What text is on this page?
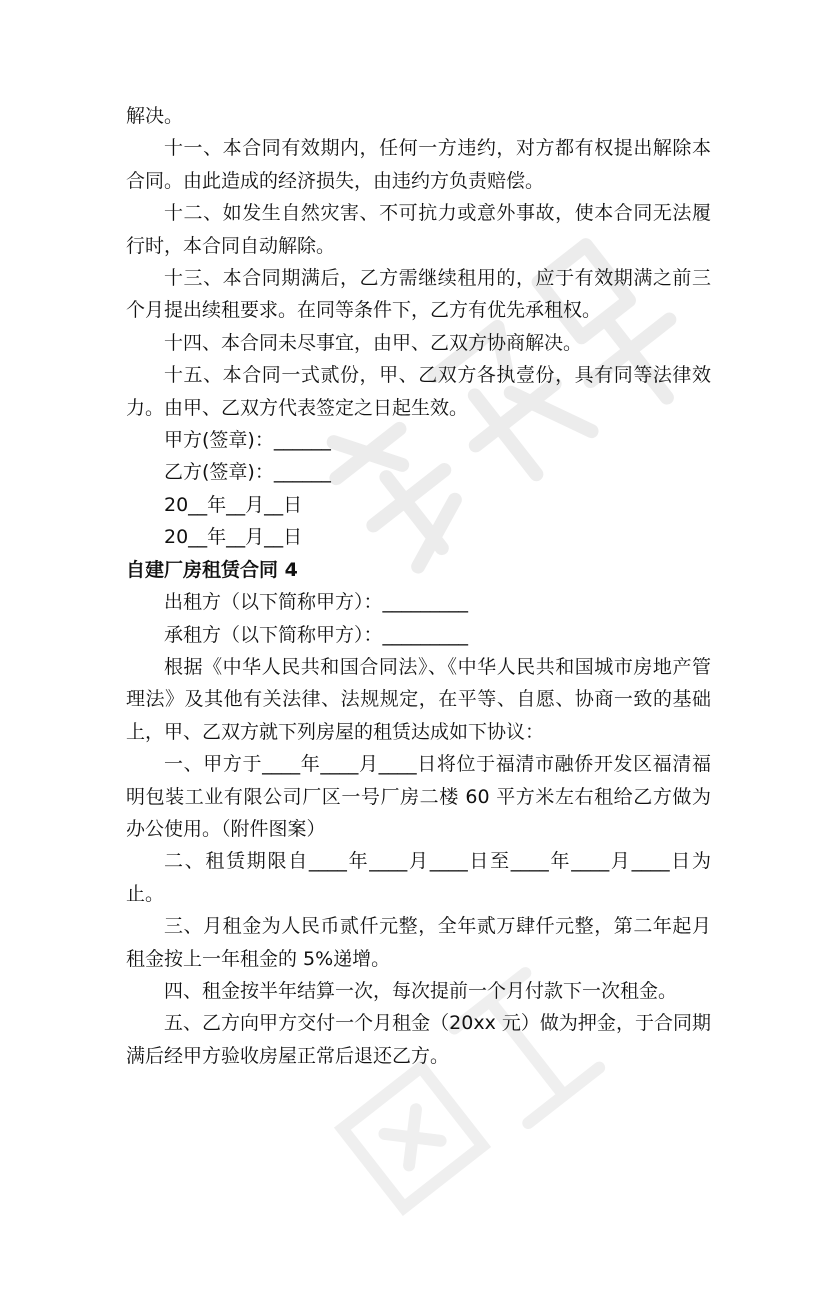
解决。

十一、本合同有效期内，任何一方违约，对方都有权提出解除本合同。由此造成的经济损失，由违约方负责赔偿。

十二、如发生自然灾害、不可抗力或意外事故，使本合同无法履行时，本合同自动解除。

十三、本合同期满后，乙方需继续租用的，应于有效期满之前三个月提出续租要求。在同等条件下，乙方有优先承租权。

十四、本合同未尽事宜，由甲、乙双方协商解决。

十五、本合同一式贰份，甲、乙双方各执壹份，具有同等法律效力。由甲、乙双方代表签定之日起生效。

甲方(签章)：______

乙方(签章)：______

20__年__月__日

20__年__月__日

自建厂房租赁合同 4

出租方（以下简称甲方）：_________

承租方（以下简称甲方）：_________

根据《中华人民共和国合同法》、《中华人民共和国城市房地产管理法》及其他有关法律、法规规定，在平等、自愿、协商一致的基础上，甲、乙双方就下列房屋的租赁达成如下协议：

一、甲方于____年____月____日将位于福清市融侨开发区福清福明包装工业有限公司厂区一号厂房二楼 60 平方米左右租给乙方做为办公使用。（附件图案）

二、租赁期限自____年____月____日至____年____月____日为止。

三、月租金为人民币贰仟元整，全年贰万肆仟元整，第二年起月租金按上一年租金的 5%递增。

四、租金按半年结算一次，每次提前一个月付款下一次租金。

五、乙方向甲方交付一个月租金（20xx 元）做为押金，于合同期满后经甲方验收房屋正常后退还乙方。
